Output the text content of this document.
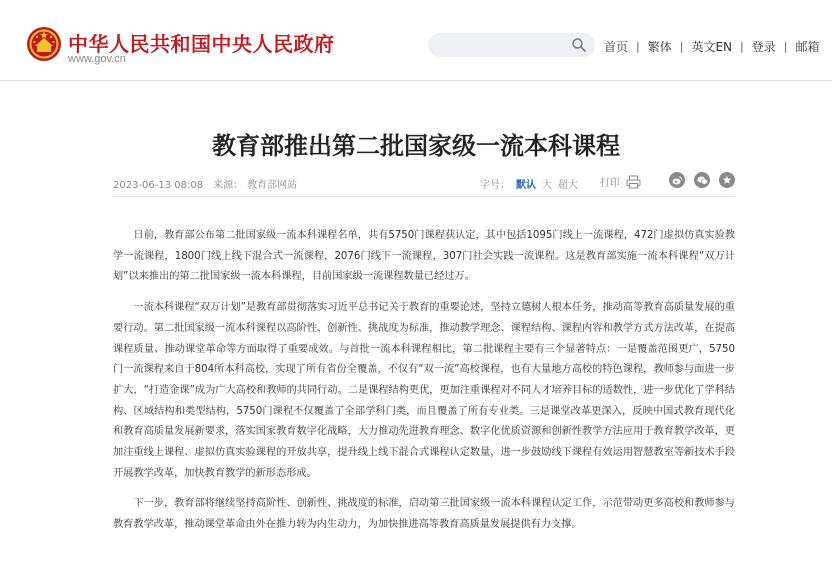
中华人民共和国中央人民政府
www.gov.cn
首页 | 繁体 | 英文EN | 登录 | 邮箱
教育部推出第二批国家级一流本科课程
2023-06-13 08:08 来源： 教育部网站	字号： 默认 大 超大 打印

日前，教育部公布第二批国家级一流本科课程名单，共有5750门课程获认定，其中包括1095门线上一流课程，472门虚拟仿真实验教学一流课程，1800门线上线下混合式一流课程，2076门线下一流课程，307门社会实践一流课程。这是教育部实施一流本科课程“双万计划”以来推出的第二批国家级一流本科课程，目前国家级一流课程数量已经过万。

一流本科课程“双万计划”是教育部贯彻落实习近平总书记关于教育的重要论述，坚持立德树人根本任务，推动高等教育高质量发展的重要行动。第二批国家级一流本科课程以高阶性、创新性、挑战度为标准，推动教学理念、课程结构、课程内容和教学方式方法改革，在提高课程质量、推动课堂革命等方面取得了重要成效。与首批一流本科课程相比，第二批课程主要有三个显著特点：一是覆盖范围更广，5750门一流课程来自于804所本科高校，实现了所有省份全覆盖，不仅有“双一流”高校课程，也有大量地方高校的特色课程，教师参与面进一步扩大，“打造金课”成为广大高校和教师的共同行动。二是课程结构更优，更加注重课程对不同人才培养目标的适数性，进一步优化了学科结构、区域结构和类型结构，5750门课程不仅覆盖了全部学科门类，而且覆盖了所有专业类。三是课堂改革更深入，反映中国式教育现代化和教育高质量发展新要求，落实国家教育数字化战略，大力推动先进教育理念、数字化优质资源和创新性教学方法应用于教育教学改革，更加注重线上课程、虚拟仿真实验课程的开放共享，提升线上线下混合式课程认定数量，进一步鼓励线下课程有效运用智慧教室等新技术手段开展教学改革，加快教育教学的新形态形成。

下一步，教育部将继续坚持高阶性、创新性、挑战度的标准，启动第三批国家级一流本科课程认定工作，示范带动更多高校和教师参与教育教学改革，推动课堂革命由外在推力转为内生动力，为加快推进高等教育高质量发展提供有力支撑。
